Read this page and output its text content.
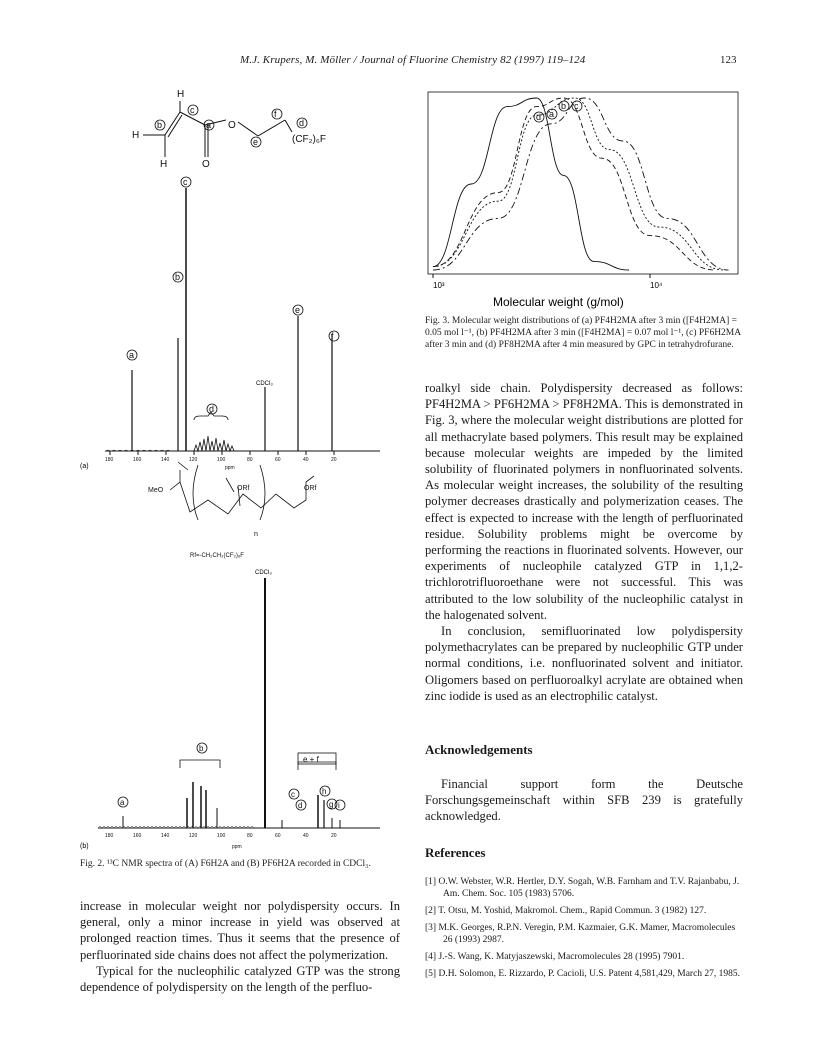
M.J. Krupers, M. Möller / Journal of Fluorine Chemistry 82 (1997) 119–124	123
H
H
H
O
O
(CF₂)₆F
b
c
a
e
f
d
180	160	140	120	100	80	60	40	20
ppm
(a)
CDCl₃
a
b
c
d
e
f
MeO	ORf	ORf
n
Rf=-CH₂CH₂(CF₂)₆F
180	160	140	120	100	80	60	40	20
ppm
(b)
CDCl₃
a
b
c
d
e + f
g
h
i
Fig. 2. ¹³C NMR spectra of (A) F6H2A and (B) PF6H2A recorded in CDCl₃.

increase in molecular weight nor polydispersity occurs. In general, only a minor increase in yield was observed at prolonged reaction times. Thus it seems that the presence of perfluorinated side chains does not affect the polymerization.

Typical for the nucleophilic catalyzed GTP was the strong dependence of polydispersity on the length of the perfluo-

10³	10⁴
Molecular weight (g/mol)
d a
b c
Fig. 3. Molecular weight distributions of (a) PF4H2MA after 3 min ([F4H2MA] = 0.05 mol l⁻¹, (b) PF4H2MA after 3 min ([F4H2MA] = 0.07 mol l⁻¹, (c) PF6H2MA after 3 min and (d) PF8H2MA after 4 min measured by GPC in tetrahydrofurane.

roalkyl side chain. Polydispersity decreased as follows: PF4H2MA > PF6H2MA > PF8H2MA. This is demonstrated in Fig. 3, where the molecular weight distributions are plotted for all methacrylate based polymers. This result may be explained because molecular weights are impeded by the limited solubility of fluorinated polymers in nonfluorinated solvents. As molecular weight increases, the solubility of the resulting polymer decreases drastically and polymerization ceases. The effect is expected to increase with the length of perfluorinated residue. Solubility problems might be overcome by performing the reactions in fluorinated solvents. However, our experiments of nucleophile catalyzed GTP in 1,1,2-trichlorotrifluoroethane were not successful. This was attributed to the low solubility of the nucleophilic catalyst in the halogenated solvent.

In conclusion, semifluorinated low polydispersity polymethacrylates can be prepared by nucleophilic GTP under normal conditions, i.e. nonfluorinated solvent and initiator. Oligomers based on perfluoroalkyl acrylate are obtained when zinc iodide is used as an electrophilic catalyst.

Acknowledgements

Financial support form the Deutsche Forschungsgemeinschaft within SFB 239 is gratefully acknowledged.

References
[1] O.W. Webster, W.R. Hertler, D.Y. Sogah, W.B. Farnham and T.V. Rajanbabu, J. Am. Chem. Soc. 105 (1983) 5706.
[2] T. Otsu, M. Yoshid, Makromol. Chem., Rapid Commun. 3 (1982) 127.
[3] M.K. Georges, R.P.N. Veregin, P.M. Kazmaier, G.K. Mamer, Macromolecules 26 (1993) 2987.
[4] J.-S. Wang, K. Matyjaszewski, Macromolecules 28 (1995) 7901.
[5] D.H. Solomon, E. Rizzardo, P. Cacioli, U.S. Patent 4,581,429, March 27, 1985.
